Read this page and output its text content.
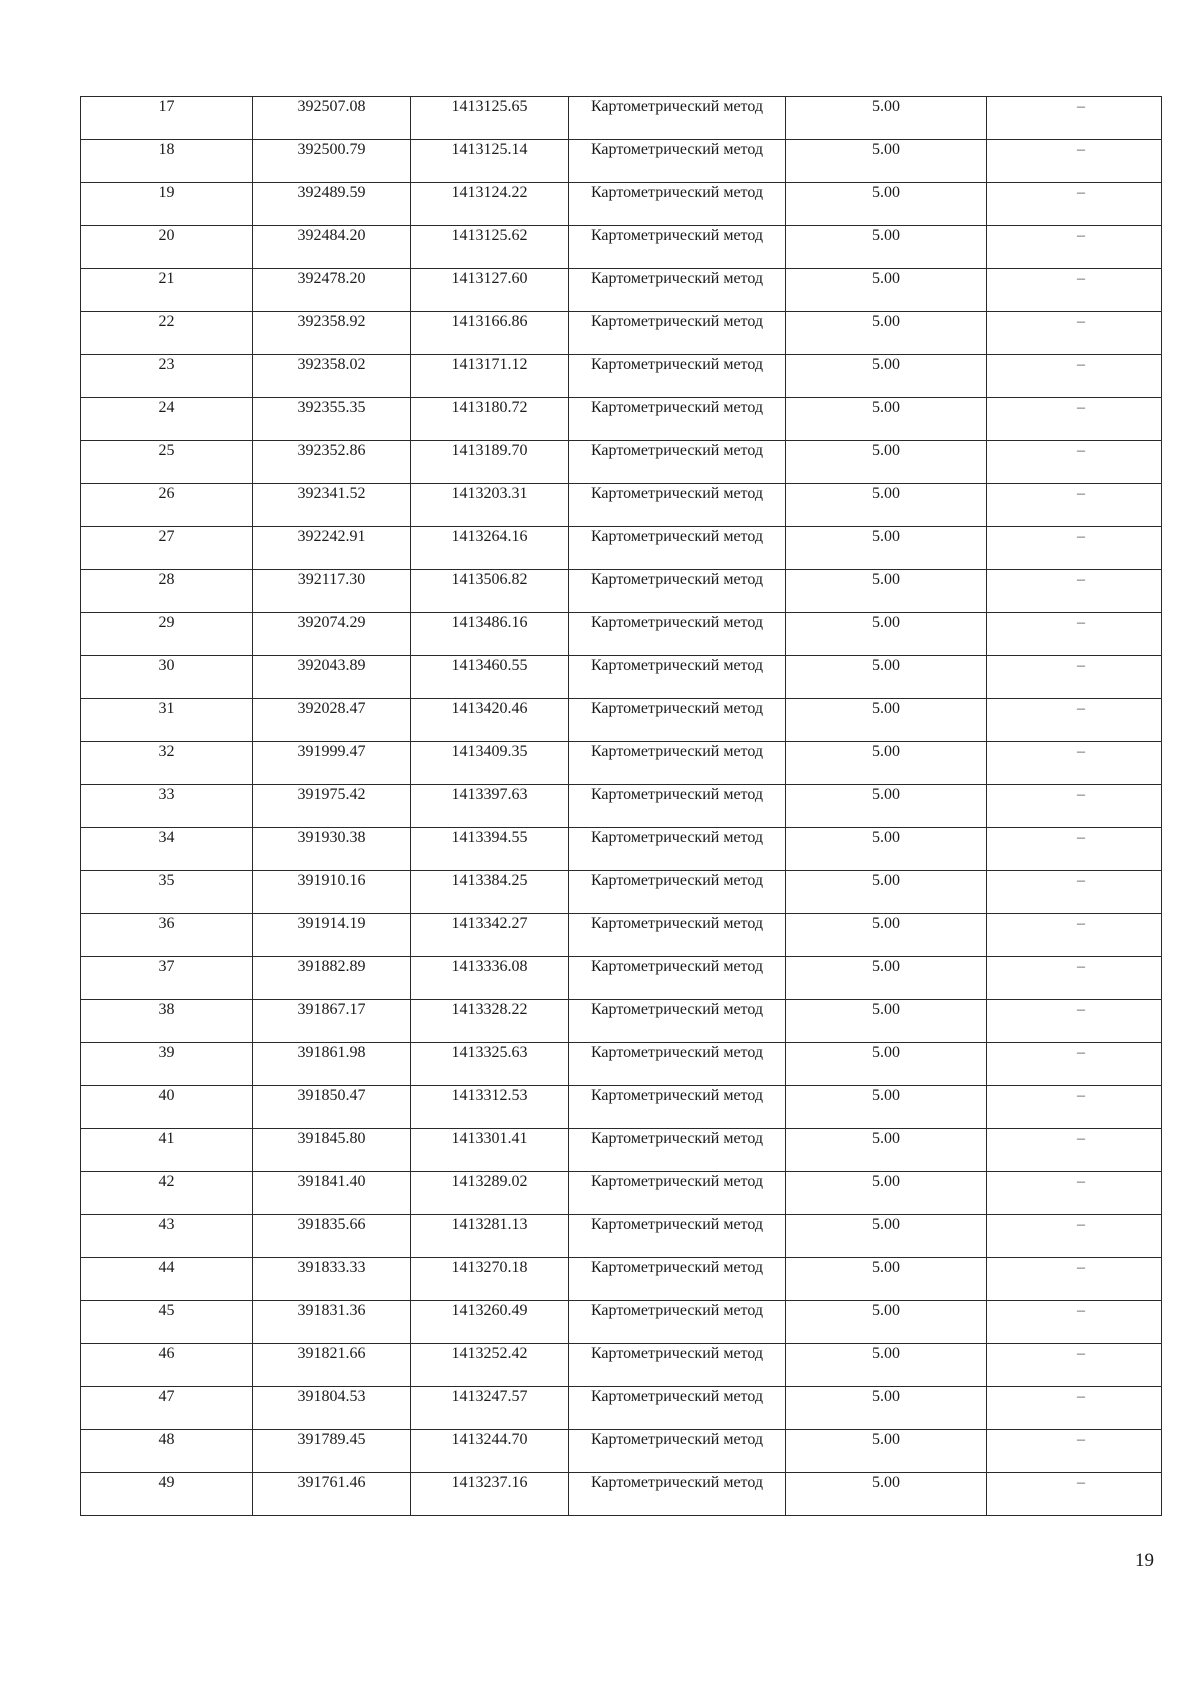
17	392507.08	1413125.65	Картометрический метод	5.00	–

18	392500.79	1413125.14	Картометрический метод	5.00	–

19	392489.59	1413124.22	Картометрический метод	5.00	–

20	392484.20	1413125.62	Картометрический метод	5.00	–

21	392478.20	1413127.60	Картометрический метод	5.00	–

22	392358.92	1413166.86	Картометрический метод	5.00	–

23	392358.02	1413171.12	Картометрический метод	5.00	–

24	392355.35	1413180.72	Картометрический метод	5.00	–

25	392352.86	1413189.70	Картометрический метод	5.00	–

26	392341.52	1413203.31	Картометрический метод	5.00	–

27	392242.91	1413264.16	Картометрический метод	5.00	–

28	392117.30	1413506.82	Картометрический метод	5.00	–

29	392074.29	1413486.16	Картометрический метод	5.00	–

30	392043.89	1413460.55	Картометрический метод	5.00	–

31	392028.47	1413420.46	Картометрический метод	5.00	–

32	391999.47	1413409.35	Картометрический метод	5.00	–

33	391975.42	1413397.63	Картометрический метод	5.00	–

34	391930.38	1413394.55	Картометрический метод	5.00	–

35	391910.16	1413384.25	Картометрический метод	5.00	–

36	391914.19	1413342.27	Картометрический метод	5.00	–

37	391882.89	1413336.08	Картометрический метод	5.00	–

38	391867.17	1413328.22	Картометрический метод	5.00	–

39	391861.98	1413325.63	Картометрический метод	5.00	–

40	391850.47	1413312.53	Картометрический метод	5.00	–

41	391845.80	1413301.41	Картометрический метод	5.00	–

42	391841.40	1413289.02	Картометрический метод	5.00	–

43	391835.66	1413281.13	Картометрический метод	5.00	–

44	391833.33	1413270.18	Картометрический метод	5.00	–

45	391831.36	1413260.49	Картометрический метод	5.00	–

46	391821.66	1413252.42	Картометрический метод	5.00	–

47	391804.53	1413247.57	Картометрический метод	5.00	–

48	391789.45	1413244.70	Картометрический метод	5.00	–

49	391761.46	1413237.16	Картометрический метод	5.00	–
19
